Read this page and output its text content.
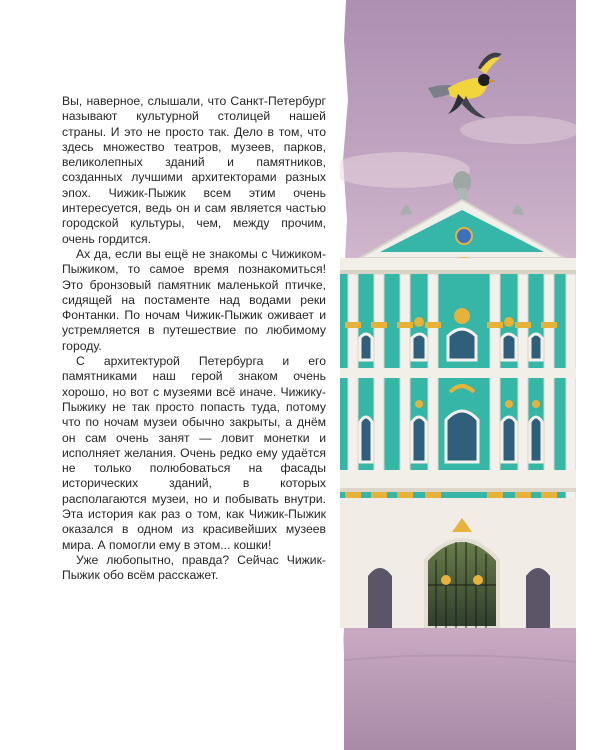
Вы, наверное, слышали, что Санкт-Петербург называют культурной столицей нашей страны. И это не просто так. Дело в том, что здесь множество театров, музеев, парков, великолепных зданий и памятников, созданных лучшими архитекторами разных эпох. Чижик-Пыжик всем этим очень интересуется, ведь он и сам является частью городской культуры, чем, между прочим, очень гордится.

Ах да, если вы ещё не знакомы с Чижиком-Пыжиком, то самое время познакомиться! Это бронзовый памятник маленькой птичке, сидящей на постаменте над водами реки Фонтанки. По ночам Чижик-Пыжик оживает и устремляется в путешествие по любимому городу.

С архитектурой Петербурга и его памятниками наш герой знаком очень хорошо, но вот с музеями всё иначе. Чижику-Пыжику не так просто попасть туда, потому что по ночам музеи обычно закрыты, а днём он сам очень занят — ловит монетки и исполняет желания. Очень редко ему удаётся не только полюбоваться на фасады исторических зданий, в которых располагаются музеи, но и побывать внутри. Эта история как раз о том, как Чижик-Пыжик оказался в одном из красивейших музеев мира. А помогли ему в этом... кошки!

Уже любопытно, правда? Сейчас Чижик-Пыжик обо всём расскажет.
